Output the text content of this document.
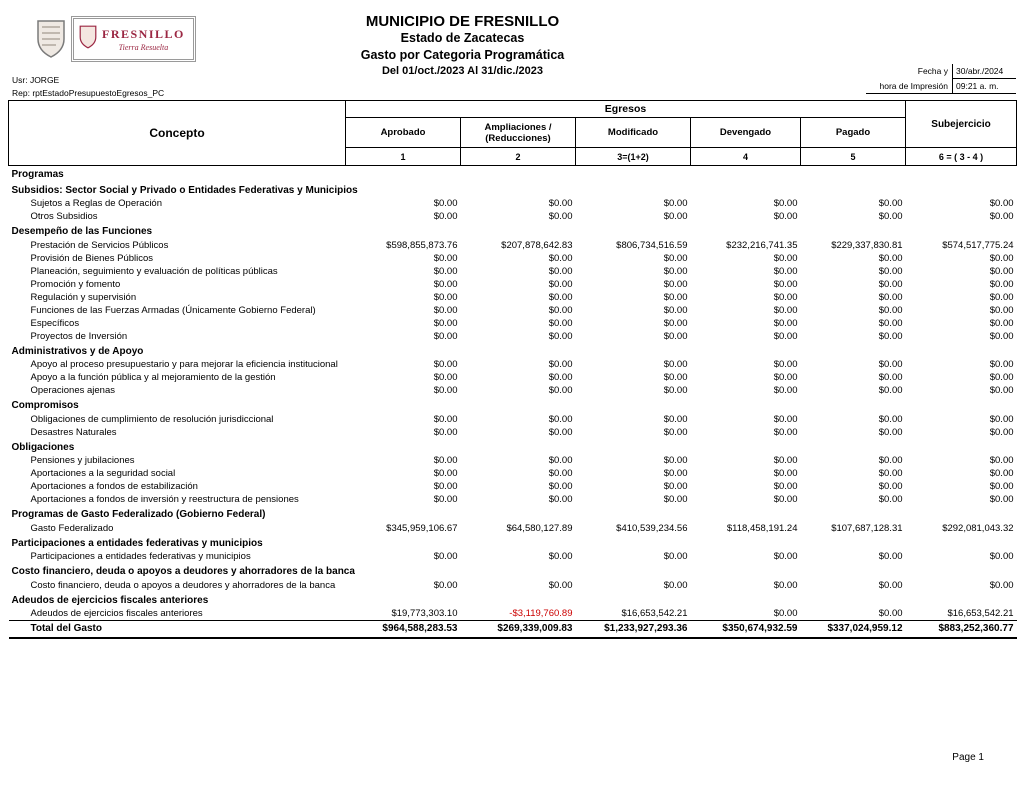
FRESNILLO
Tierra Resuelta
Usr: JORGE
Rep: rptEstadoPresupuestoEgresos_PC
MUNICIPIO DE FRESNILLO
Estado de Zacatecas
Gasto por Categoria Programática
Del 01/oct./2023 Al 31/dic./2023	Fecha y 30/abr./2024
hora de Impresión 09:21 a. m.
Concepto	Egresos					Subejercicio
	Aprobado	Ampliaciones / (Reducciones)	Modificado	Devengado	Pagado	
	1	2	3=(1+2)	4	5	6 = ( 3 - 4 )
Programas						
Subsidios: Sector Social y Privado o Entidades Federativas y Municipios						
Sujetos a Reglas de Operación	$0.00	$0.00	$0.00	$0.00	$0.00	$0.00
Otros Subsidios	$0.00	$0.00	$0.00	$0.00	$0.00	$0.00
Desempeño de las Funciones						
Prestación de Servicios Públicos	$598,855,873.76	$207,878,642.83	$806,734,516.59	$232,216,741.35	$229,337,830.81	$574,517,775.24
Provisión de Bienes Públicos	$0.00	$0.00	$0.00	$0.00	$0.00	$0.00
Planeación, seguimiento y evaluación de políticas públicas	$0.00	$0.00	$0.00	$0.00	$0.00	$0.00
Promoción y fomento	$0.00	$0.00	$0.00	$0.00	$0.00	$0.00
Regulación y supervisión	$0.00	$0.00	$0.00	$0.00	$0.00	$0.00
Funciones de las Fuerzas Armadas (Únicamente Gobierno Federal)	$0.00	$0.00	$0.00	$0.00	$0.00	$0.00
Específicos	$0.00	$0.00	$0.00	$0.00	$0.00	$0.00
Proyectos de Inversión	$0.00	$0.00	$0.00	$0.00	$0.00	$0.00
Administrativos y de Apoyo						
Apoyo al proceso presupuestario y para mejorar la eficiencia institucional	$0.00	$0.00	$0.00	$0.00	$0.00	$0.00
Apoyo a la función pública y al mejoramiento de la gestión	$0.00	$0.00	$0.00	$0.00	$0.00	$0.00
Operaciones ajenas	$0.00	$0.00	$0.00	$0.00	$0.00	$0.00
Compromisos						
Obligaciones de cumplimiento de resolución jurisdiccional	$0.00	$0.00	$0.00	$0.00	$0.00	$0.00
Desastres Naturales	$0.00	$0.00	$0.00	$0.00	$0.00	$0.00
Obligaciones						
Pensiones y jubilaciones	$0.00	$0.00	$0.00	$0.00	$0.00	$0.00
Aportaciones a la seguridad social	$0.00	$0.00	$0.00	$0.00	$0.00	$0.00
Aportaciones a fondos de estabilización	$0.00	$0.00	$0.00	$0.00	$0.00	$0.00
Aportaciones a fondos de inversión y reestructura de pensiones	$0.00	$0.00	$0.00	$0.00	$0.00	$0.00
Programas de Gasto Federalizado (Gobierno Federal)						
Gasto Federalizado	$345,959,106.67	$64,580,127.89	$410,539,234.56	$118,458,191.24	$107,687,128.31	$292,081,043.32
Participaciones a entidades federativas y municipios						
Participaciones a entidades federativas y municipios	$0.00	$0.00	$0.00	$0.00	$0.00	$0.00
Costo financiero, deuda o apoyos a deudores y ahorradores de la banca						
Costo financiero, deuda o apoyos a deudores y ahorradores de la banca	$0.00	$0.00	$0.00	$0.00	$0.00	$0.00
Adeudos de ejercicios fiscales anteriores						
Adeudos de ejercicios fiscales anteriores	$19,773,303.10	-$3,119,760.89	$16,653,542.21	$0.00	$0.00	$16,653,542.21
Total del Gasto	$964,588,283.53	$269,339,009.83	$1,233,927,293.36	$350,674,932.59	$337,024,959.12	$883,252,360.77
Page 1
